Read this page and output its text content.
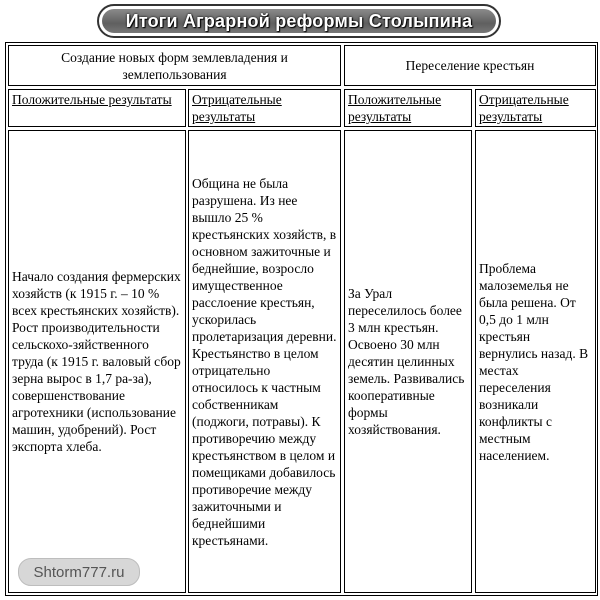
Итоги Аграрной реформы Столыпина
Создание новых форм землевладения и землепользования
Переселение крестьян
Положительные результаты	Отрицательные результаты
Положительные результаты
Отрицательные результаты
Начало создания фермерских хозяйств (к 1915 г. – 10 % всех крестьянских хозяйств). Рост производительности сельскохо-зяйственного труда (к 1915 г. валовый сбор зерна вырос в 1,7 ра-за), совершенствование агротехники (использование машин, удобрений). Рост экспорта хлеба.
Община не была разрушена. Из нее вышло 25 % крестьянских хозяйств, в основном зажиточные и беднейшие, возросло имущественное расслоение крестьян, ускорилась пролетаризация деревни. Крестьянство в целом отрицательно относилось к частным собственникам (поджоги, потравы). К противоречию между крестьянством в целом и помещиками добавилось противоречие между зажиточными и беднейшими крестьянами.
За Урал переселилось более 3 млн крестьян. Освоено 30 млн десятин целинных земель. Развивались кооперативные формы хозяйствования.
Проблема малоземелья не была решена. От 0,5 до 1 млн крестьян вернулись назад. В местах переселения возникали конфликты с местным населением.
Shtorm777.ru
